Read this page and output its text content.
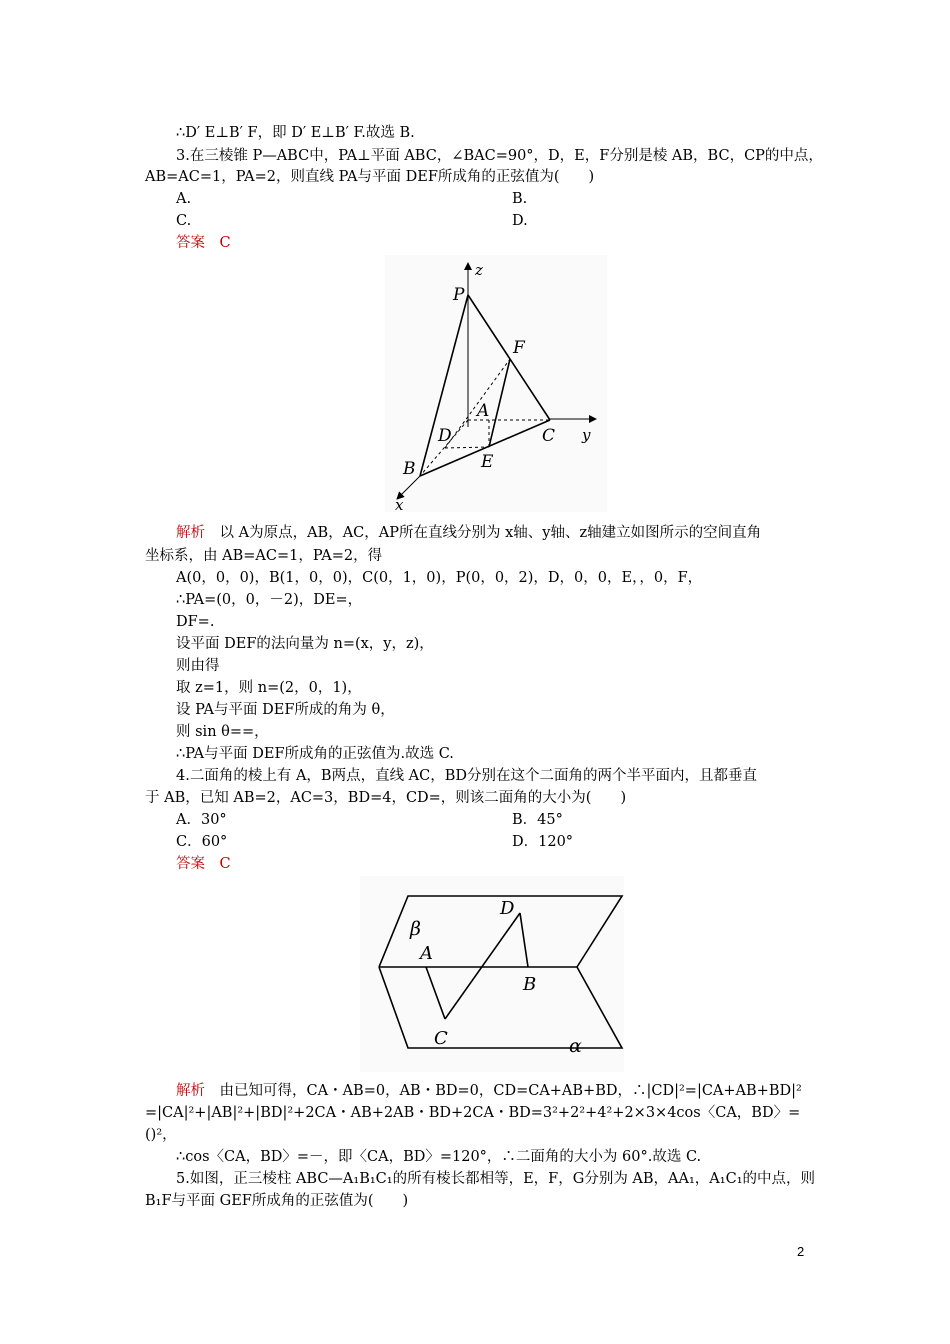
∴D′ E⊥B′ F，即 D′ E⊥B′ F.故选 B.
3.在三棱锥 P—ABC中，PA⊥平面 ABC，∠BAC=90°，D，E，F分别是棱 AB，BC，CP的中点，
AB=AC=1，PA=2，则直线 PA与平面 DEF所成角的正弦值为(　　)
A.	B.
C.	D.
答案　C
z
P
F
A
D	C y
E
B
x
解析　以 A为原点，AB，AC，AP所在直线分别为 x轴、y轴、z轴建立如图所示的空间直角
坐标系，由 AB=AC=1，PA=2，得
A(0，0，0)，B(1，0，0)，C(0，1，0)，P(0，0，2)，D，0，0，E，，0，F，
∴PA=(0，0，－2)，DE=，
DF=.
设平面 DEF的法向量为 n=(x，y，z)，
则由得
取 z=1，则 n=(2，0，1)，
设 PA与平面 DEF所成的角为 θ，
则 sin θ==，
∴PA与平面 DEF所成角的正弦值为.故选 C.
4.二面角的棱上有 A，B两点，直线 AC，BD分别在这个二面角的两个半平面内，且都垂直
于 AB，已知 AB=2，AC=3，BD=4，CD=，则该二面角的大小为(　　)
A．30°	B．45°
C．60°	D．120°
答案　C
β
A
D
B
C	α
解析　由已知可得，CA・AB=0，AB・BD=0，CD=CA+AB+BD，∴|CD|²=|CA+AB+BD|²
=|CA|²+|AB|²+|BD|²+2CA・AB+2AB・BD+2CA・BD=3²+2²+4²+2×3×4cos〈CA，BD〉=
()²，
∴cos〈CA，BD〉=－，即〈CA，BD〉=120°，∴二面角的大小为 60°.故选 C.
5.如图，正三棱柱 ABC—A₁B₁C₁的所有棱长都相等，E，F，G分别为 AB，AA₁，A₁C₁的中点，则
B₁F与平面 GEF所成角的正弦值为(　　)
2
